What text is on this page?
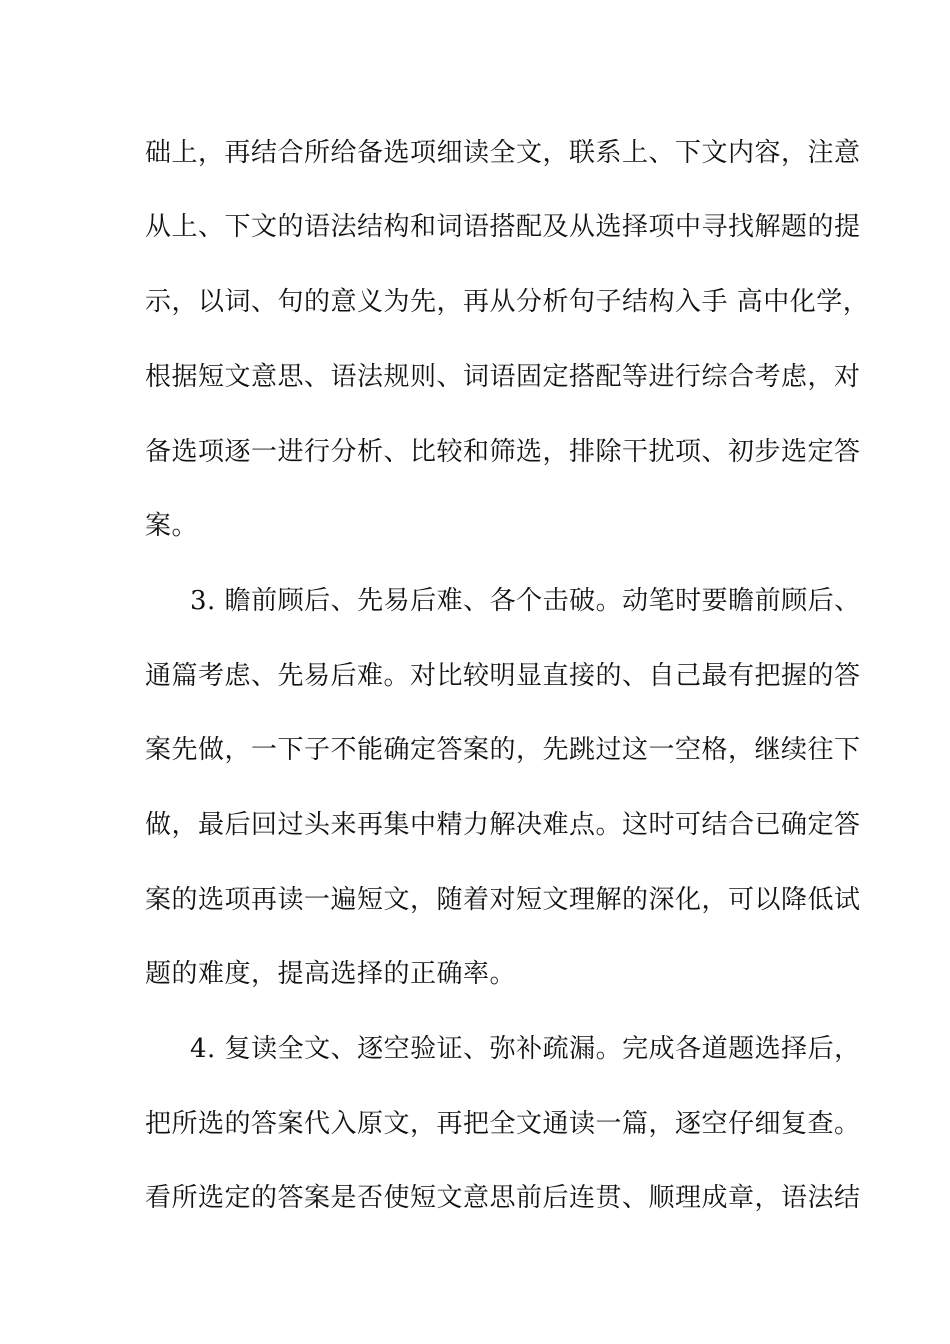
础上，再结合所给备选项细读全文，联系上、下文内容，注意
从上、下文的语法结构和词语搭配及从选择项中寻找解题的提
示，以词、句的意义为先，再从分析句子结构入手 高中化学，
根据短文意思、语法规则、词语固定搭配等进行综合考虑，对
备选项逐一进行分析、比较和筛选，排除干扰项、初步选定答
案。
3. 瞻前顾后、先易后难、各个击破。动笔时要瞻前顾后、
通篇考虑、先易后难。对比较明显直接的、自己最有把握的答
案先做，一下子不能确定答案的，先跳过这一空格，继续往下
做，最后回过头来再集中精力解决难点。这时可结合已确定答
案的选项再读一遍短文，随着对短文理解的深化，可以降低试
题的难度，提高选择的正确率。
4. 复读全文、逐空验证、弥补疏漏。完成各道题选择后，
把所选的答案代入原文，再把全文通读一篇，逐空仔细复查。
看所选定的答案是否使短文意思前后连贯、顺理成章，语法结
